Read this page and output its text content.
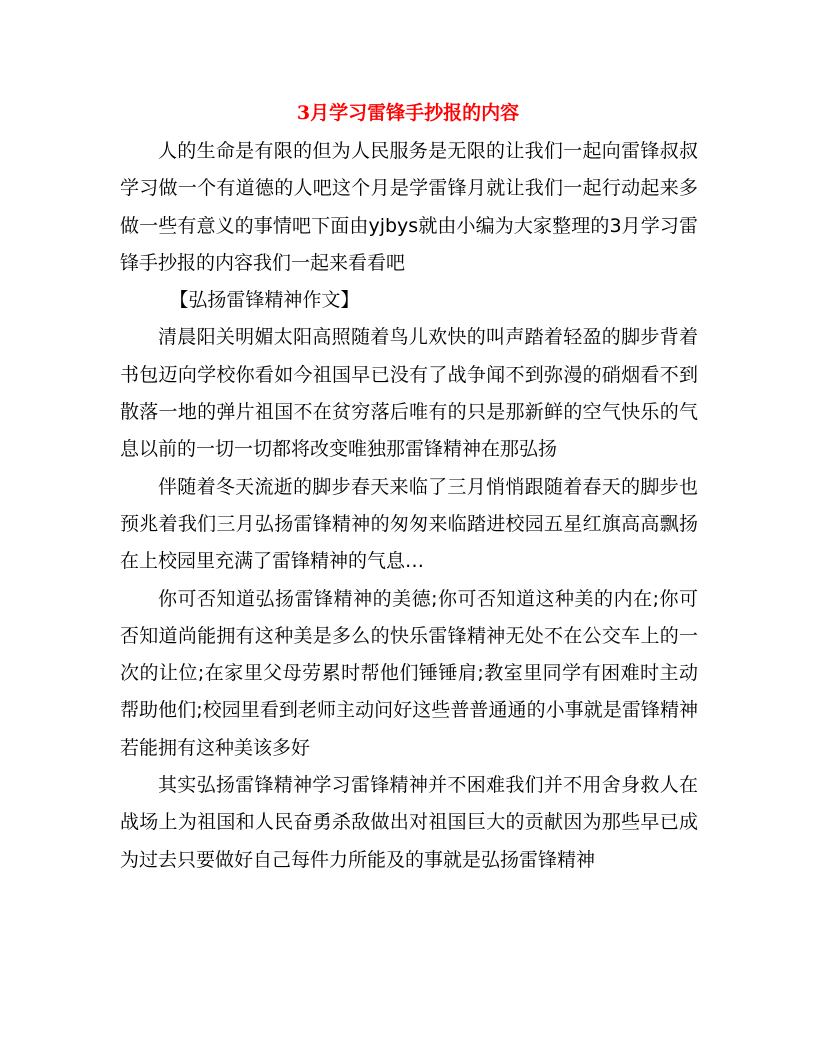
3月学习雷锋手抄报的内容

人的生命是有限的但为人民服务是无限的让我们一起向雷锋叔叔学习做一个有道德的人吧这个月是学雷锋月就让我们一起行动起来多做一些有意义的事情吧下面由yjbys就由小编为大家整理的3月学习雷锋手抄报的内容我们一起来看看吧

【弘扬雷锋精神作文】

清晨阳关明媚太阳高照随着鸟儿欢快的叫声踏着轻盈的脚步背着书包迈向学校你看如今祖国早已没有了战争闻不到弥漫的硝烟看不到散落一地的弹片祖国不在贫穷落后唯有的只是那新鲜的空气快乐的气息以前的一切一切都将改变唯独那雷锋精神在那弘扬

伴随着冬天流逝的脚步春天来临了三月悄悄跟随着春天的脚步也预兆着我们三月弘扬雷锋精神的匆匆来临踏进校园五星红旗高高飘扬在上校园里充满了雷锋精神的气息…

你可否知道弘扬雷锋精神的美德;你可否知道这种美的内在;你可否知道尚能拥有这种美是多么的快乐雷锋精神无处不在公交车上的一次的让位;在家里父母劳累时帮他们锤锤肩;教室里同学有困难时主动帮助他们;校园里看到老师主动问好这些普普通通的小事就是雷锋精神若能拥有这种美该多好

其实弘扬雷锋精神学习雷锋精神并不困难我们并不用舍身救人在战场上为祖国和人民奋勇杀敌做出对祖国巨大的贡献因为那些早已成为过去只要做好自己每件力所能及的事就是弘扬雷锋精神
